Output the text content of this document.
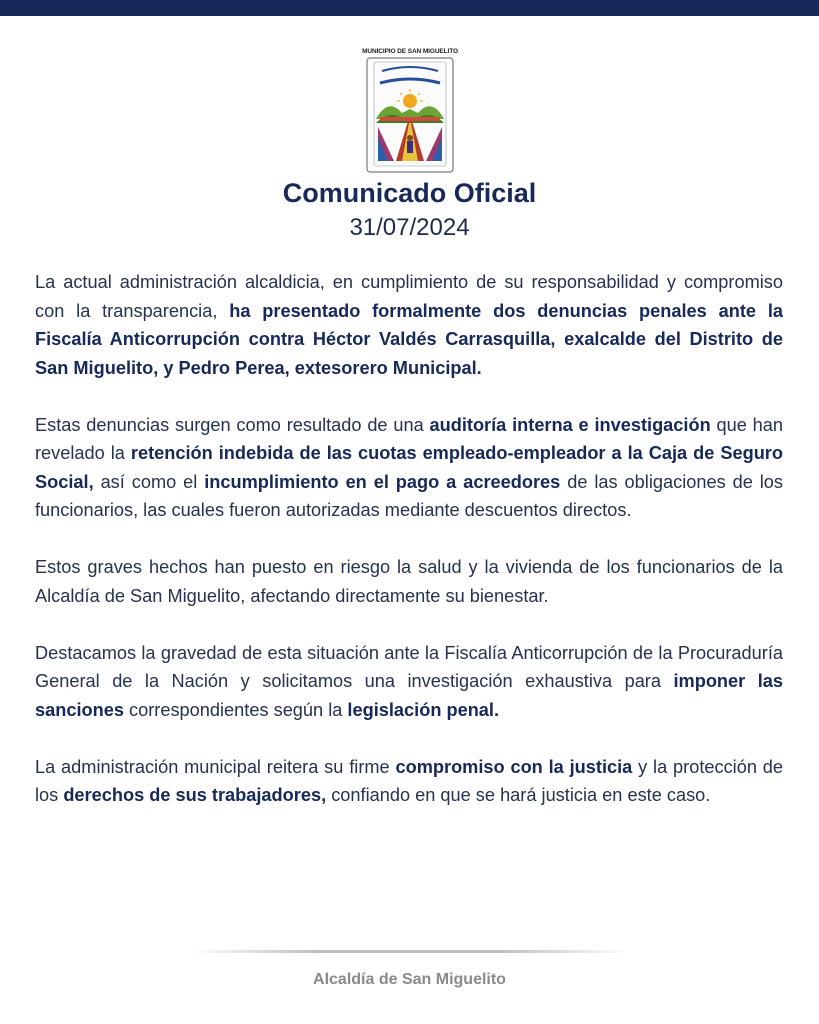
MUNICIPIO DE SAN MIGUELITO
Comunicado Oficial
31/07/2024

La actual administración alcaldicia, en cumplimiento de su responsabilidad y compromiso con la transparencia, ha presentado formalmente dos denuncias penales ante la Fiscalía Anticorrupción contra Héctor Valdés Carrasquilla, exalcalde del Distrito de San Miguelito, y Pedro Perea, extesorero Municipal.

Estas denuncias surgen como resultado de una auditoría interna e investigación que han revelado la retención indebida de las cuotas empleado-empleador a la Caja de Seguro Social, así como el incumplimiento en el pago a acreedores de las obligaciones de los funcionarios, las cuales fueron autorizadas mediante descuentos directos.

Estos graves hechos han puesto en riesgo la salud y la vivienda de los funcionarios de la Alcaldía de San Miguelito, afectando directamente su bienestar.

Destacamos la gravedad de esta situación ante la Fiscalía Anticorrupción de la Procuraduría General de la Nación y solicitamos una investigación exhaustiva para imponer las sanciones correspondientes según la legislación penal.

La administración municipal reitera su firme compromiso con la justicia y la protección de los derechos de sus trabajadores, confiando en que se hará justicia en este caso.

Alcaldía de San Miguelito
